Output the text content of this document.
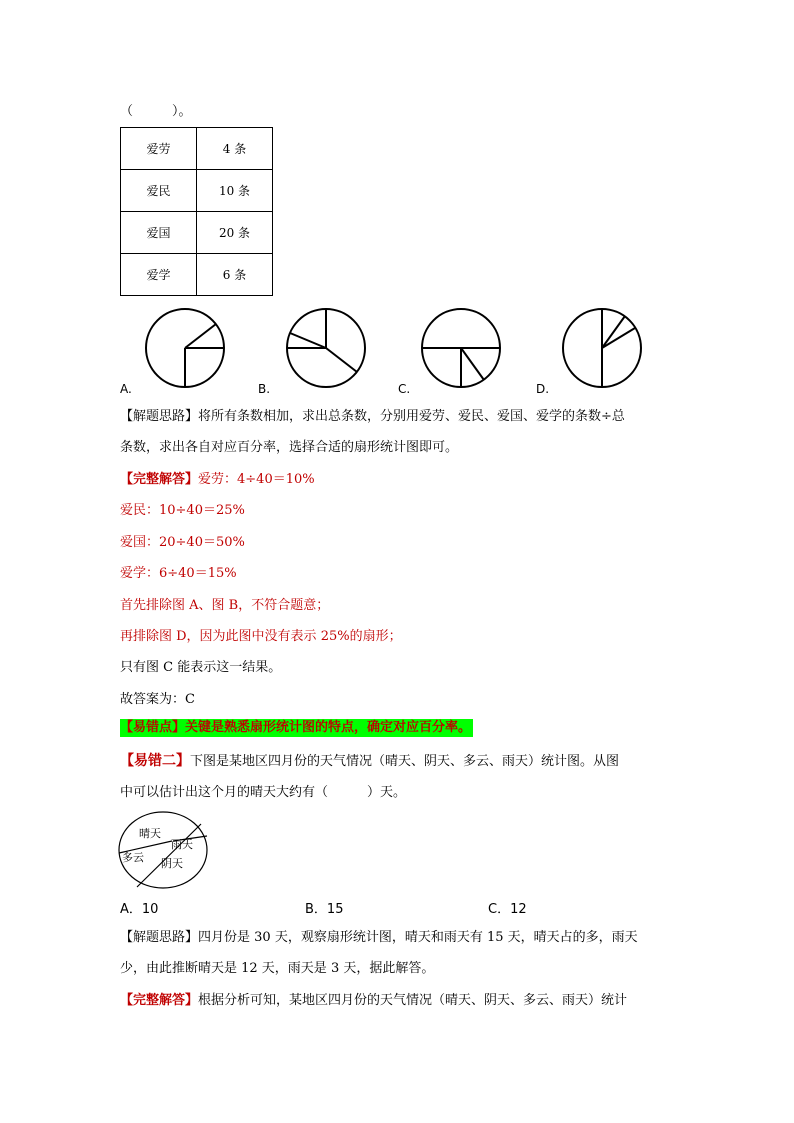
（　　　）。
爱劳	4 条
爱民	10 条
爱国	20 条
爱学	6 条
A.	B.	C.	D.
【解题思路】将所有条数相加，求出总条数，分别用爱劳、爱民、爱国、爱学的条数÷总
条数，求出各自对应百分率，选择合适的扇形统计图即可。
【完整解答】爱劳：4÷40＝10%
爱民：10÷40＝25%
爱国：20÷40＝50%
爱学：6÷40＝15%
首先排除图 A、图 B，不符合题意；
再排除图 D，因为此图中没有表示 25%的扇形；
只有图 C 能表示这一结果。
故答案为：C
【易错点】关键是熟悉扇形统计图的特点，确定对应百分率。
【易错二】下图是某地区四月份的天气情况（晴天、阴天、多云、雨天）统计图。从图
中可以估计出这个月的晴天大约有（　　　）天。
晴天
雨天
多云 阴天
A．10	B．15	C．12
【解题思路】四月份是 30 天，观察扇形统计图，晴天和雨天有 15 天，晴天占的多，雨天
少，由此推断晴天是 12 天，雨天是 3 天，据此解答。
【完整解答】根据分析可知，某地区四月份的天气情况（晴天、阴天、多云、雨天）统计
